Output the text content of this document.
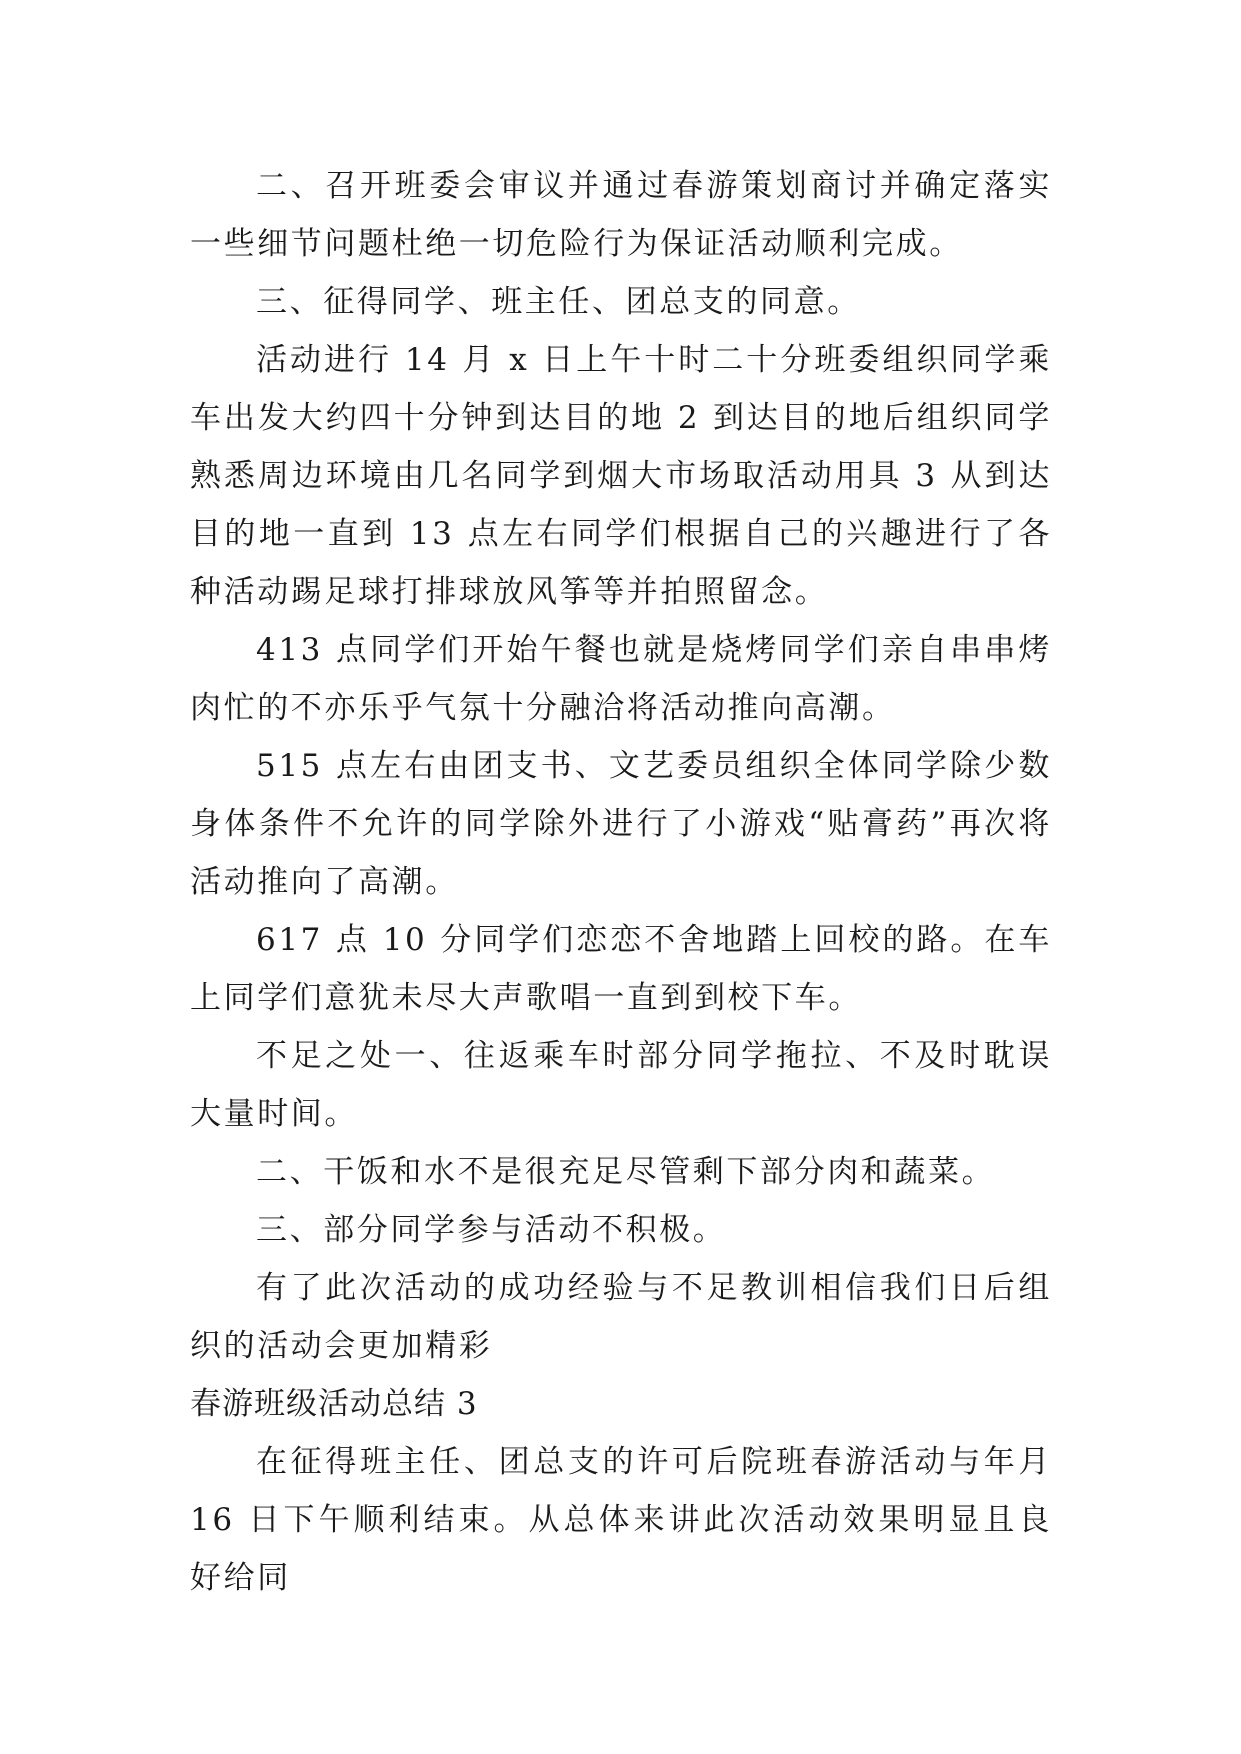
二、召开班委会审议并通过春游策划商讨并确定落实一些细节问题杜绝一切危险行为保证活动顺利完成。

三、征得同学、班主任、团总支的同意。

活动进行 14 月 x 日上午十时二十分班委组织同学乘车出发大约四十分钟到达目的地 2 到达目的地后组织同学熟悉周边环境由几名同学到烟大市场取活动用具 3 从到达目的地一直到 13 点左右同学们根据自己的兴趣进行了各种活动踢足球打排球放风筝等并拍照留念。

413 点同学们开始午餐也就是烧烤同学们亲自串串烤肉忙的不亦乐乎气氛十分融洽将活动推向高潮。

515 点左右由团支书、文艺委员组织全体同学除少数身体条件不允许的同学除外进行了小游戏“贴膏药”再次将活动推向了高潮。

617 点 10 分同学们恋恋不舍地踏上回校的路。在车上同学们意犹未尽大声歌唱一直到到校下车。

不足之处一、往返乘车时部分同学拖拉、不及时耽误大量时间。

二、干饭和水不是很充足尽管剩下部分肉和蔬菜。

三、部分同学参与活动不积极。

有了此次活动的成功经验与不足教训相信我们日后组织的活动会更加精彩

春游班级活动总结 3

在征得班主任、团总支的许可后院班春游活动与年月 16 日下午顺利结束。从总体来讲此次活动效果明显且良好给同
